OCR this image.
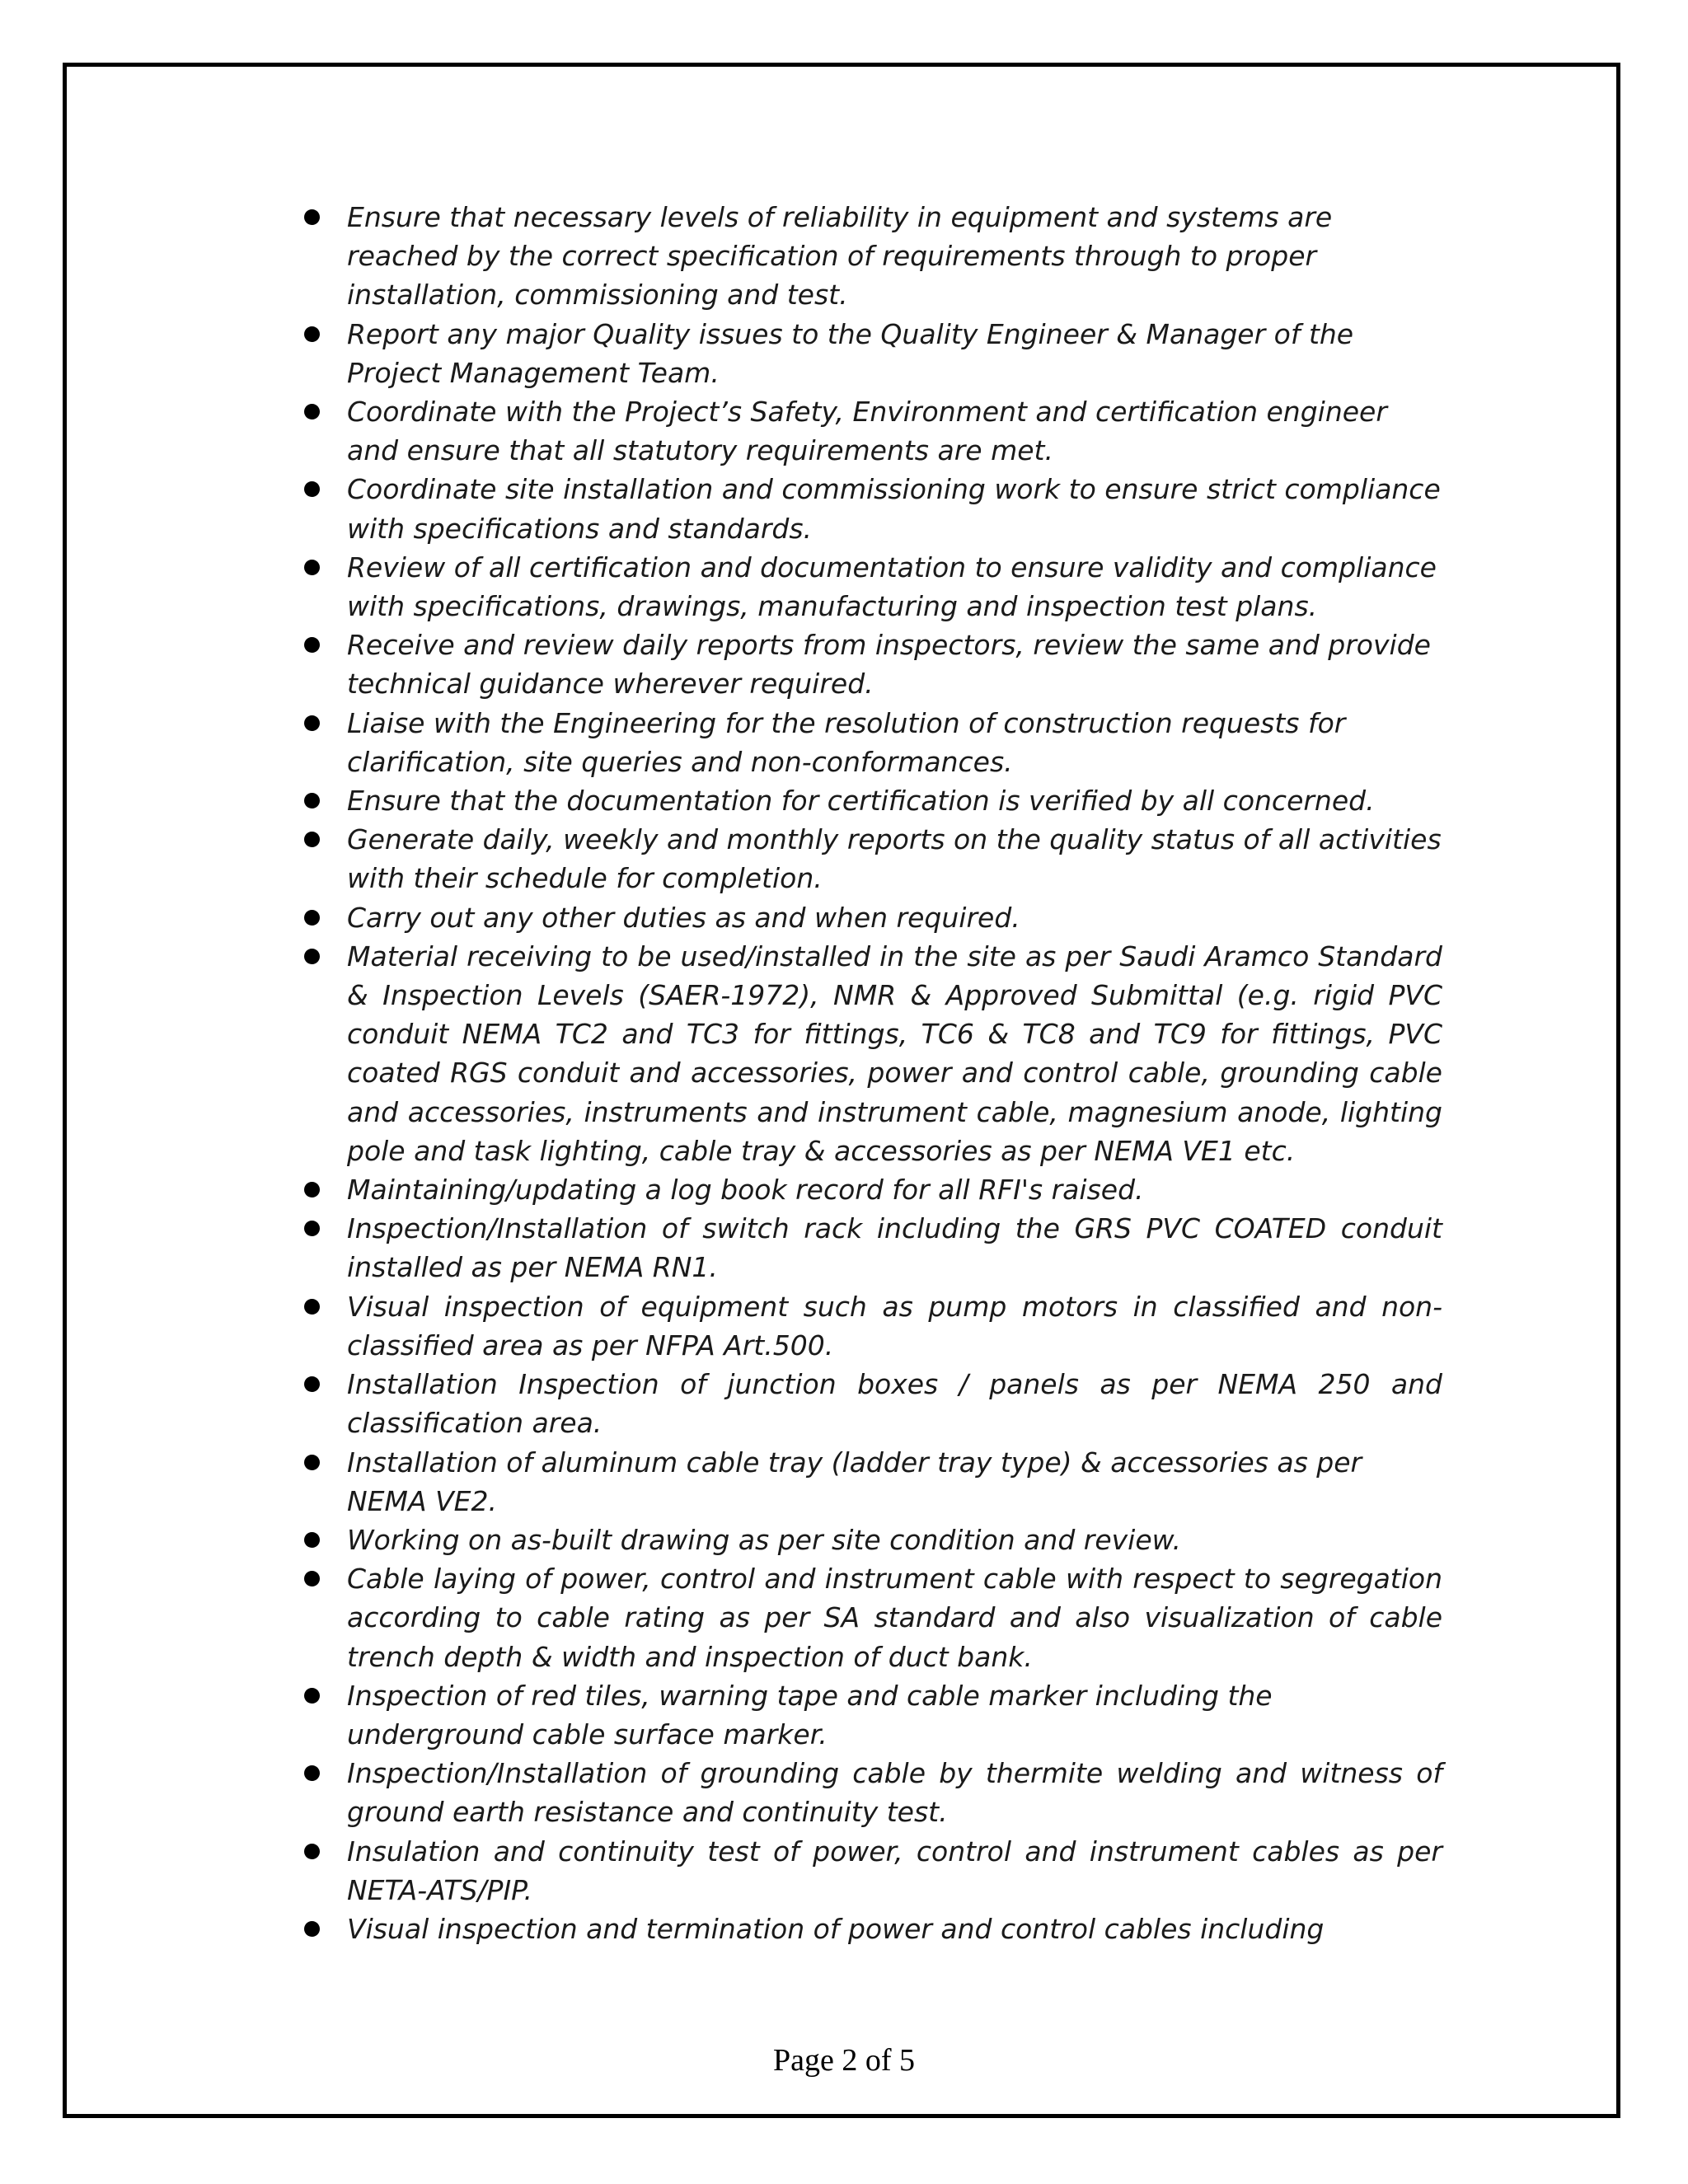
Ensure that necessary levels of reliability in equipment and systems are reached by the correct specification of requirements through to proper installation, commissioning and test.
Report any major Quality issues to the Quality Engineer & Manager of the Project Management Team.
Coordinate with the Project’s Safety, Environment and certification engineer and ensure that all statutory requirements are met.
Coordinate site installation and commissioning work to ensure strict compliance with specifications and standards.
Review of all certification and documentation to ensure validity and compliance with specifications, drawings, manufacturing and inspection test plans.
Receive and review daily reports from inspectors, review the same and provide technical guidance wherever required.
Liaise with the Engineering for the resolution of construction requests for clarification, site queries and non-conformances.
Ensure that the documentation for certification is verified by all concerned.
Generate daily, weekly and monthly reports on the quality status of all activities with their schedule for completion.
Carry out any other duties as and when required.
Material receiving to be used/installed in the site as per Saudi Aramco Standard & Inspection Levels (SAER-1972), NMR & Approved Submittal (e.g. rigid PVC conduit NEMA TC2 and TC3 for fittings, TC6 & TC8 and TC9 for fittings, PVC coated RGS conduit and accessories, power and control cable, grounding cable and accessories, instruments and instrument cable, magnesium anode, lighting pole and task lighting, cable tray & accessories as per NEMA VE1 etc.
Maintaining/updating a log book record for all RFI's raised.
Inspection/Installation of switch rack including the GRS PVC COATED conduit installed as per NEMA RN1.
Visual inspection of equipment such as pump motors in classified and non-classified area as per NFPA Art.500.
Installation Inspection of junction boxes / panels as per NEMA 250 and classification area.
Installation of aluminum cable tray (ladder tray type) & accessories as per NEMA VE2.
Working on as-built drawing as per site condition and review.
Cable laying of power, control and instrument cable with respect to segregation according to cable rating as per SA standard and also visualization of cable trench depth & width and inspection of duct bank.
Inspection of red tiles, warning tape and cable marker including the underground cable surface marker.
Inspection/Installation of grounding cable by thermite welding and witness of ground earth resistance and continuity test.
Insulation and continuity test of power, control and instrument cables as per NETA-ATS/PIP.
Visual inspection and termination of power and control cables including
Page 2 of 5
